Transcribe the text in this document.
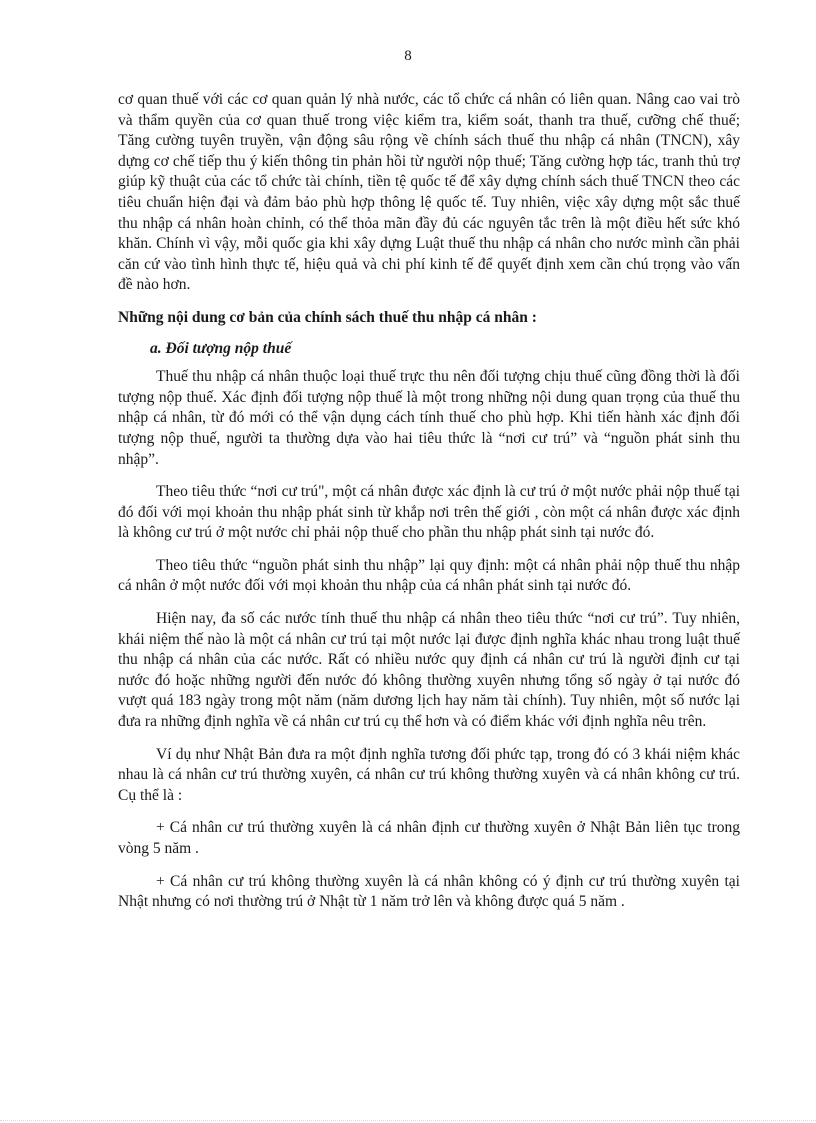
8

cơ quan thuế với các cơ quan quản lý nhà nước, các tổ chức cá nhân có liên quan. Nâng cao vai trò và thẩm quyền của cơ quan thuế trong việc kiểm tra, kiểm soát, thanh tra thuế, cưỡng chế thuế; Tăng cường tuyên truyền, vận động sâu rộng về chính sách thuế thu nhập cá nhân (TNCN), xây dựng cơ chế tiếp thu ý kiến thông tin phản hồi từ người nộp thuế; Tăng cường hợp tác, tranh thủ trợ giúp kỹ thuật của các tổ chức tài chính, tiền tệ quốc tế để xây dựng chính sách thuế TNCN theo các tiêu chuẩn hiện đại và đảm bảo phù hợp thông lệ quốc tế. Tuy nhiên, việc xây dựng một sắc thuế thu nhập cá nhân hoàn chỉnh, có thể thỏa mãn đầy đủ các nguyên tắc trên là một điều hết sức khó khăn. Chính vì vậy, mỗi quốc gia khi xây dựng Luật thuế thu nhập cá nhân cho nước mình cần phải căn cứ vào tình hình thực tế, hiệu quả và chi phí kinh tế để quyết định xem cần chú trọng vào vấn đề nào hơn.

Những nội dung cơ bản của chính sách thuế thu nhập cá nhân :

a. Đối tượng nộp thuế

Thuế thu nhập cá nhân thuộc loại thuế trực thu nên đối tượng chịu thuế cũng đồng thời là đối tượng nộp thuế. Xác định đối tượng nộp thuế là một trong những nội dung quan trọng của thuế thu nhập cá nhân, từ đó mới có thể vận dụng cách tính thuế cho phù hợp. Khi tiến hành xác định đối tượng nộp thuế, người ta thường dựa vào hai tiêu thức là “nơi cư trú” và “nguồn phát sinh thu nhập”.

Theo tiêu thức “nơi cư trú", một cá nhân được xác định là cư trú ở một nước phải nộp thuế tại đó đối với mọi khoản thu nhập phát sinh từ khắp nơi trên thế giới , còn một cá nhân được xác định là không cư trú ở một nước chỉ phải nộp thuế cho phần thu nhập phát sinh tại nước đó.

Theo tiêu thức “nguồn phát sinh thu nhập” lại quy định: một cá nhân phải nộp thuế thu nhập cá nhân ở một nước đối với mọi khoản thu nhập của cá nhân phát sinh tại nước đó.

Hiện nay, đa số các nước tính thuế thu nhập cá nhân theo tiêu thức “nơi cư trú”. Tuy nhiên, khái niệm thế nào là một cá nhân cư trú tại một nước lại được định nghĩa khác nhau trong luật thuế thu nhập cá nhân của các nước. Rất có nhiều nước quy định cá nhân cư trú là người định cư tại nước đó hoặc những người đến nước đó không thường xuyên nhưng tổng số ngày ở tại nước đó vượt quá 183 ngày trong một năm (năm dương lịch hay năm tài chính). Tuy nhiên, một số nước lại đưa ra những định nghĩa về cá nhân cư trú cụ thể hơn và có điểm khác với định nghĩa nêu trên.

Ví dụ như Nhật Bản đưa ra một định nghĩa tương đối phức tạp, trong đó có 3 khái niệm khác nhau là cá nhân cư trú thường xuyên, cá nhân cư trú không thường xuyên và cá nhân không cư trú. Cụ thể là :

+ Cá nhân cư trú thường xuyên là cá nhân định cư thường xuyên ở Nhật Bản liên tục trong vòng 5 năm .

+ Cá nhân cư trú không thường xuyên là cá nhân không có ý định cư trú thường xuyên tại Nhật nhưng có nơi thường trú ở Nhật từ 1 năm trở lên và không được quá 5 năm .
